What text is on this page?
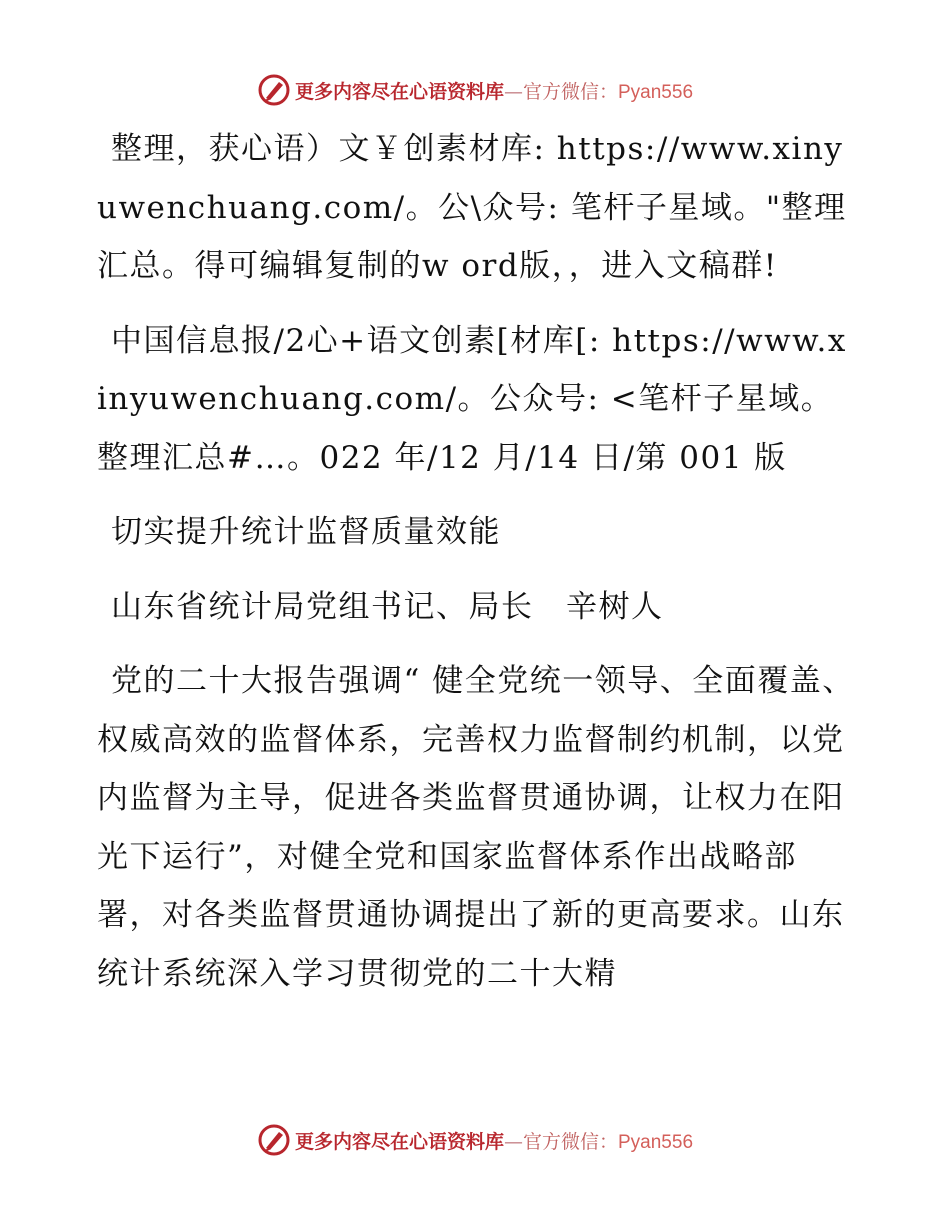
更多内容尽在心语资料库—官方微信：Pyan556

整理，获心语）文￥创素材库: https://www.xinyuwenchuang.com/。公\众号: 笔杆子星域。"整理汇总。得可编辑复制的w ord版，，进入文稿群!

中国信息报/2心+语文创素[材库[: https://www.xinyuwenchuang.com/。公众号: <笔杆子星域。整理汇总#…。022 年/12 月/14 日/第 001 版

切实提升统计监督质量效能

山东省统计局党组书记、局长　辛树人

党的二十大报告强调“ 健全党统一领导、全面覆盖、权威高效的监督体系，完善权力监督制约机制，以党内监督为主导，促进各类监督贯通协调，让权力在阳光下运行”，对健全党和国家监督体系作出战略部署，对各类监督贯通协调提出了新的更高要求。山东统计系统深入学习贯彻党的二十大精

更多内容尽在心语资料库—官方微信：Pyan556
